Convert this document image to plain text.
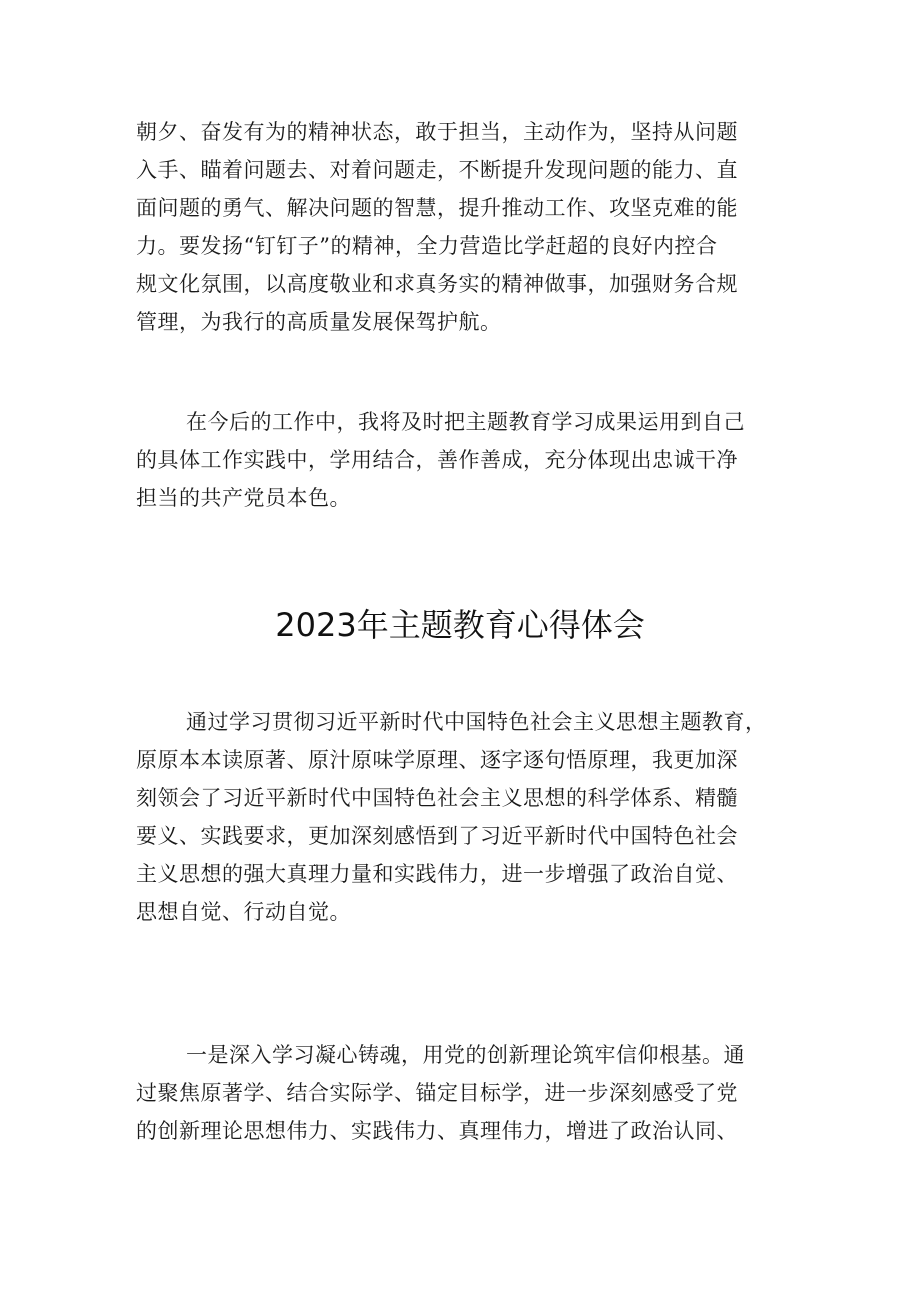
朝夕、奋发有为的精神状态，敢于担当，主动作为，坚持从问题
入手、瞄着问题去、对着问题走，不断提升发现问题的能力、直
面问题的勇气、解决问题的智慧，提升推动工作、攻坚克难的能
力。要发扬“钉钉子”的精神，全力营造比学赶超的良好内控合
规文化氛围，以高度敬业和求真务实的精神做事，加强财务合规
管理，为我行的高质量发展保驾护航。
在今后的工作中，我将及时把主题教育学习成果运用到自己
的具体工作实践中，学用结合，善作善成，充分体现出忠诚干净
担当的共产党员本色。
2023年主题教育心得体会
通过学习贯彻习近平新时代中国特色社会主义思想主题教育，
原原本本读原著、原汁原味学原理、逐字逐句悟原理，我更加深
刻领会了习近平新时代中国特色社会主义思想的科学体系、精髓
要义、实践要求，更加深刻感悟到了习近平新时代中国特色社会
主义思想的强大真理力量和实践伟力，进一步增强了政治自觉、
思想自觉、行动自觉。
一是深入学习凝心铸魂，用党的创新理论筑牢信仰根基。通
过聚焦原著学、结合实际学、锚定目标学，进一步深刻感受了党
的创新理论思想伟力、实践伟力、真理伟力，增进了政治认同、
